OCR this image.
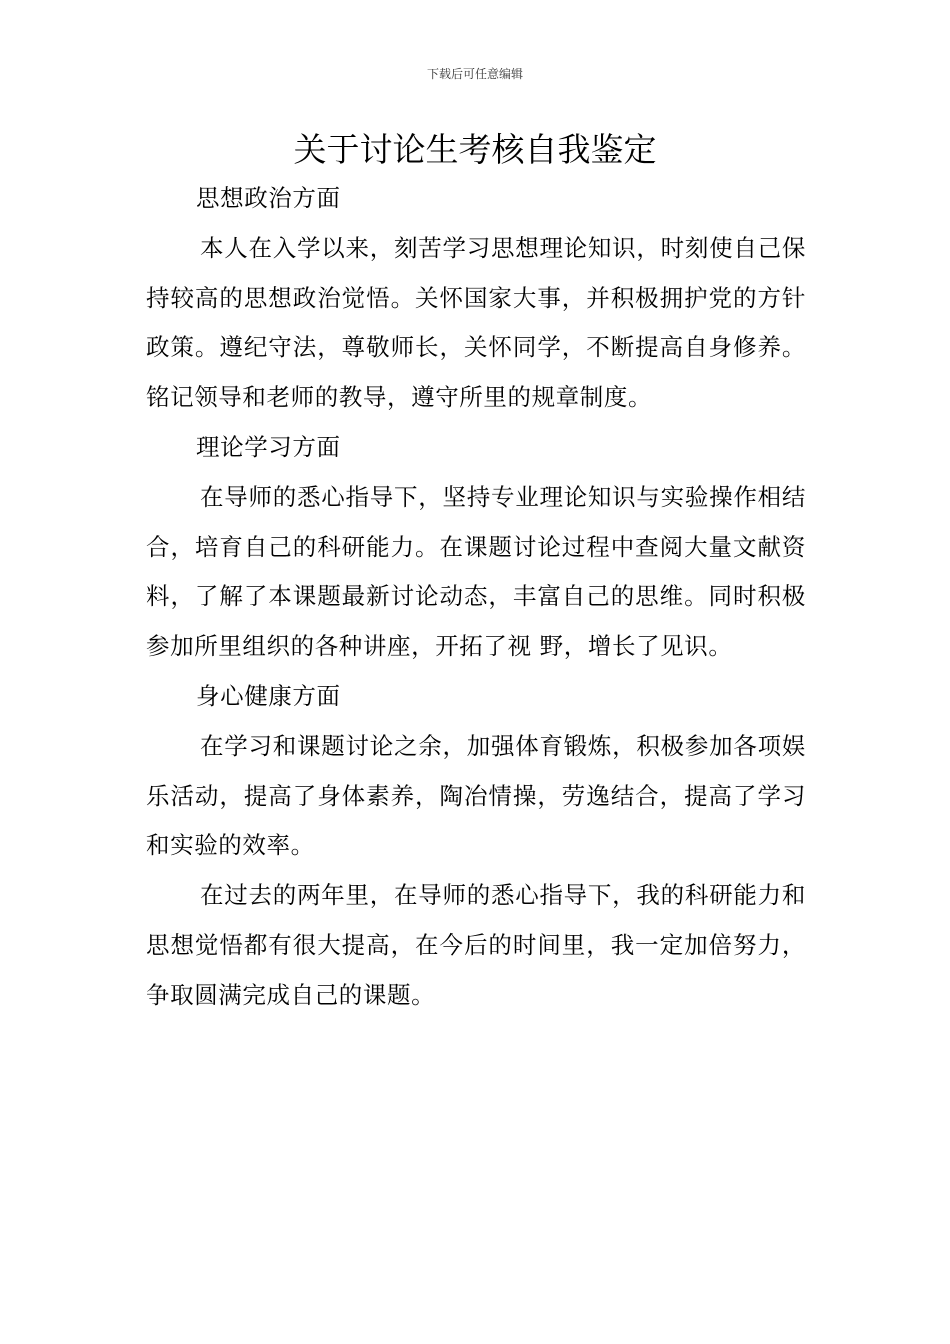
下载后可任意编辑
关于讨论生考核自我鉴定

思想政治方面

本人在入学以来，刻苦学习思想理论知识，时刻使自己保持较高的思想政治觉悟。关怀国家大事，并积极拥护党的方针政策。遵纪守法，尊敬师长，关怀同学，不断提高自身修养。铭记领导和老师的教导，遵守所里的规章制度。

理论学习方面

在导师的悉心指导下，坚持专业理论知识与实验操作相结合，培育自己的科研能力。在课题讨论过程中查阅大量文献资料，了解了本课题最新讨论动态，丰富自己的思维。同时积极参加所里组织的各种讲座，开拓了视 野，增长了见识。

身心健康方面

在学习和课题讨论之余，加强体育锻炼，积极参加各项娱乐活动，提高了身体素养，陶冶情操，劳逸结合，提高了学习和实验的效率。

在过去的两年里，在导师的悉心指导下，我的科研能力和思想觉悟都有很大提高，在今后的时间里，我一定加倍努力，争取圆满完成自己的课题。
